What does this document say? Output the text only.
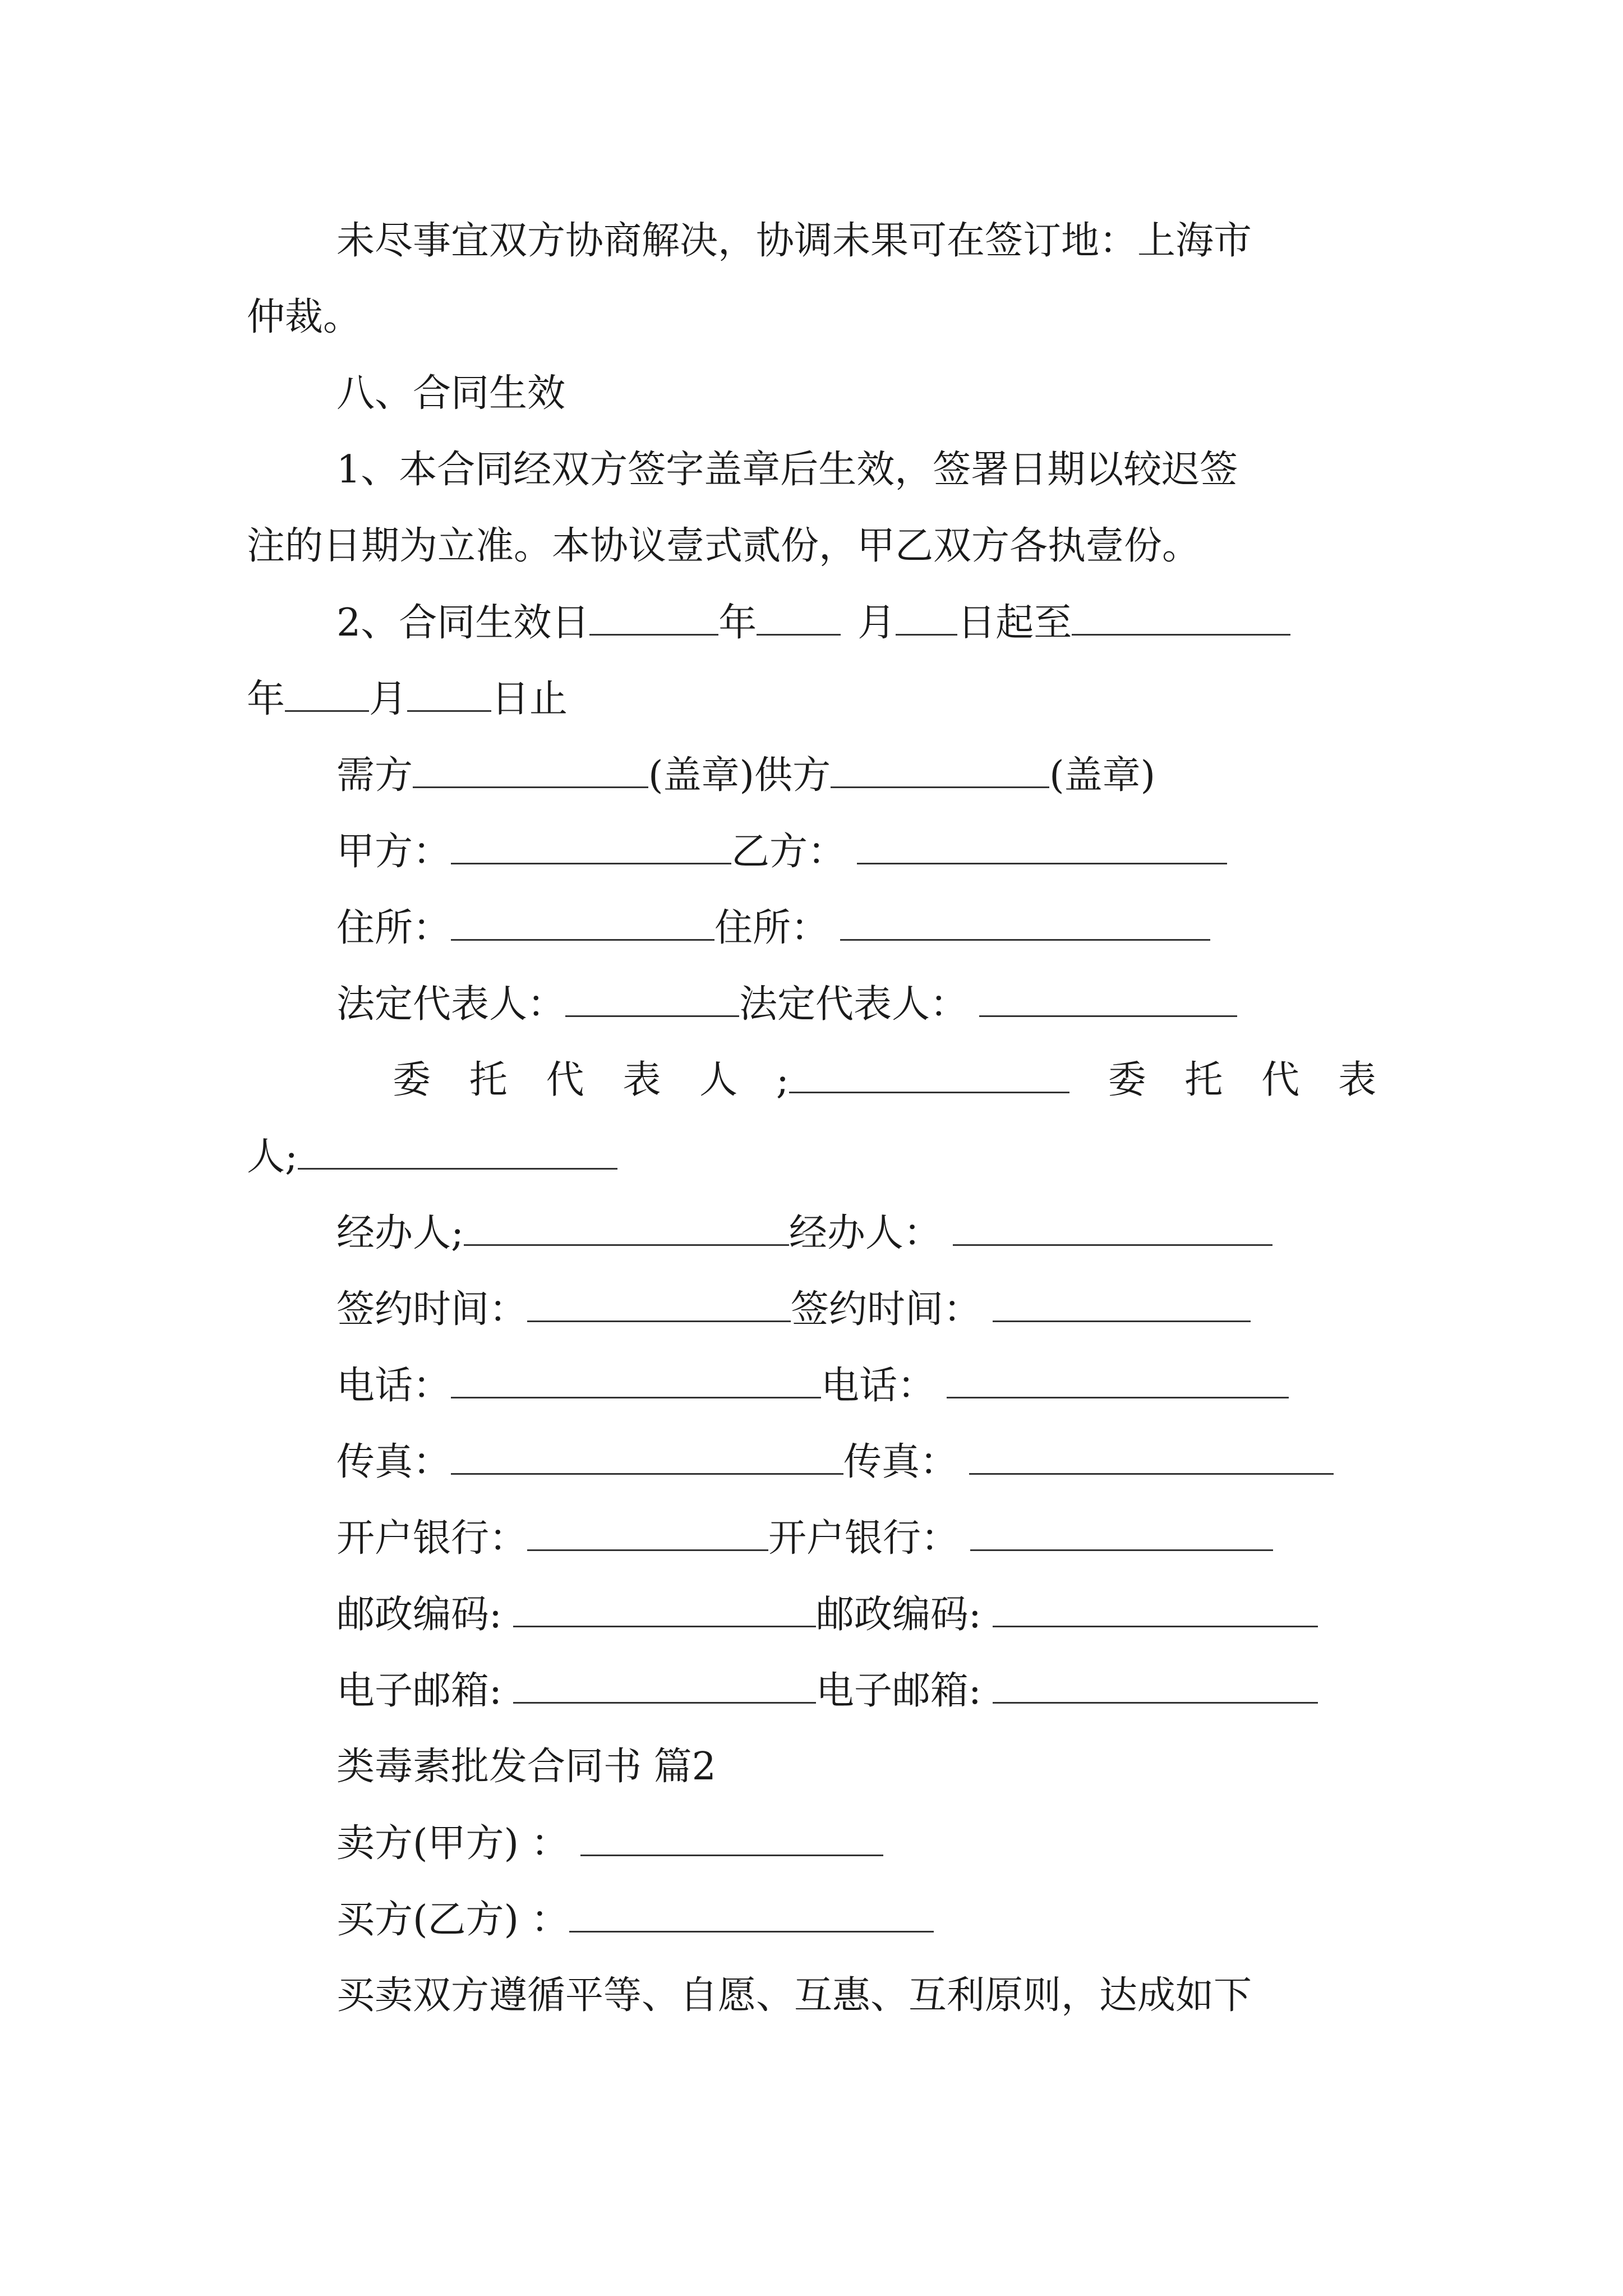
未尽事宜双方协商解决，协调未果可在签订地：上海市
仲裁。
八、合同生效
1、本合同经双方签字盖章后生效，签署日期以较迟签
注的日期为立准。本协议壹式贰份，甲乙双方各执壹份。
2、合同生效日	年	月 日起至
年 月 日止
需方	(盖章)供方	(盖章)
甲方：	乙方：
住所：	住所：
法定代表人：	法定代表人：
委 托 代 表 人 ;	委 托 代 表
人;
经办人;	经办人：
签约时间：	签约时间：
电话：	电话：
传真：	传真：
开户银行：	开户银行：
邮政编码:	邮政编码:
电子邮箱:	电子邮箱:
类毒素批发合同书 篇2
卖方(甲方) ：
买方(乙方) ：
买卖双方遵循平等、自愿、互惠、互利原则，达成如下
